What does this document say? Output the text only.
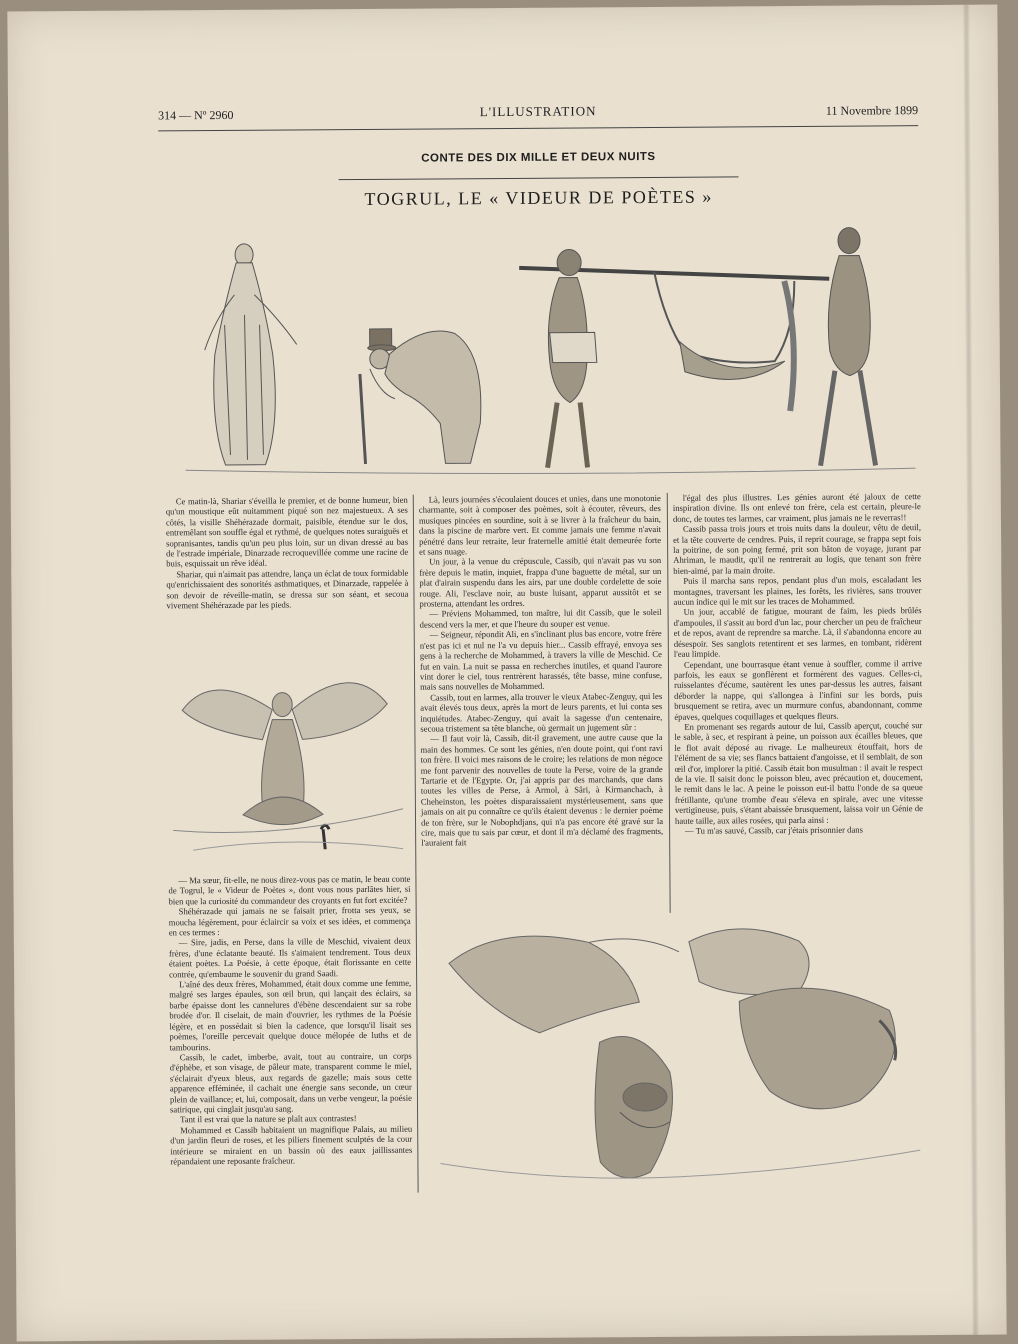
314 — Nº 2960	L'ILLUSTRATION	11 Novembre 1899
CONTE DES DIX MILLE ET DEUX NUITS
TOGRUL, LE « VIDEUR DE POÈTES »

Ce matin-là, Shariar s'éveilla le premier, et de bonne humeur, bien qu'un moustique eût nuitamment piqué son nez majestueux. A ses côtés, la visille Shéhérazade dormait, paisible, étendue sur le dos, entremêlant son souffle égal et rythmé, de quelques notes suraiguës et sopranisantes, tandis qu'un peu plus loin, sur un divan dressé au bas de l'estrade impériale, Dinarzade recroquevillée comme une racine de buis, esquissait un rêve idéal.

Shariar, qui n'aimait pas attendre, lança un éclat de toux formidable qu'enrichissaient des sonorités asthmatiques, et Dinarzade, rappelée à son devoir de réveille-matin, se dressa sur son séant, et secoua vivement Shéhérazade par les pieds.

— Ma sœur, fit-elle, ne nous direz-vous pas ce matin, le beau conte de Togrul, le « Videur de Poètes », dont vous nous parlâtes hier, si bien que la curiosité du commandeur des croyants en fut fort excitée?

Shéhérazade qui jamais ne se faisait prier, frotta ses yeux, se moucha légèrement, pour éclaircir sa voix et ses idées, et commença en ces termes :

— Sire, jadis, en Perse, dans la ville de Meschid, vivaient deux frères, d'une éclatante beauté. Ils s'aimaient tendrement. Tous deux étaient poètes. La Poésie, à cette époque, était florissante en cette contrée, qu'embaume le souvenir du grand Saadi.

L'aîné des deux frères, Mohammed, était doux comme une femme, malgré ses larges épaules, son œil brun, qui lançait des éclairs, sa barbe épaisse dont les cannelures d'ébène descendaient sur sa robe brodée d'or. Il ciselait, de main d'ouvrier, les rythmes de la Poésie légère, et en possédait si bien la cadence, que lorsqu'il lisait ses poèmes, l'oreille percevait quelque douce mélopée de luths et de tambourins.

Cassib, le cadet, imberbe, avait, tout au contraire, un corps d'éphèbe, et son visage, de pâleur mate, transparent comme le miel, s'éclairait d'yeux bleus, aux regards de gazelle; mais sous cette apparence efféminée, il cachait une énergie sans seconde, un cœur plein de vaillance; et, lui, composait, dans un verbe vengeur, la poésie satirique, qui cinglait jusqu'au sang.

Tant il est vrai que la nature se plaît aux contrastes!

Mohammed et Cassib habitaient un magnifique Palais, au milieu d'un jardin fleuri de roses, et les piliers finement sculptés de la cour intérieure se miraient en un bassin où des eaux jaillissantes répandaient une reposante fraîcheur.

Là, leurs journées s'écoulaient douces et unies, dans une monotonie charmante, soit à composer des poèmes, soit à écouter, rêveurs, des musiques pincées en sourdine, soit à se livrer à la fraîcheur du bain, dans la piscine de marbre vert. Et comme jamais une femme n'avait pénétré dans leur retraite, leur fraternelle amitié était demeurée forte et sans nuage.

Un jour, à la venue du crépuscule, Cassib, qui n'avait pas vu son frère depuis le matin, inquiet, frappa d'une baguette de métal, sur un plat d'airain suspendu dans les airs, par une double cordelette de soie rouge. Ali, l'esclave noir, au buste luisant, apparut aussitôt et se prosterna, attendant les ordres.

— Préviens Mohammed, ton maître, lui dit Cassib, que le soleil descend vers la mer, et que l'heure du souper est venue.

— Seigneur, répondit Ali, en s'inclinant plus bas encore, votre frère n'est pas ici et nul ne l'a vu depuis hier... Cassib effrayé, envoya ses gens à la recherche de Mohammed, à travers la ville de Meschid. Ce fut en vain. La nuit se passa en recherches inutiles, et quand l'aurore vint dorer le ciel, tous rentrèrent harassés, tête basse, mine confuse, mais sans nouvelles de Mohammed.

Cassib, tout en larmes, alla trouver le vieux Atabec-Zenguy, qui les avait élevés tous deux, après la mort de leurs parents, et lui conta ses inquiétudes. Atabec-Zenguy, qui avait la sagesse d'un centenaire, secoua tristement sa tête blanche, où germait un jugement sûr :

— Il faut voir là, Cassib, dit-il gravement, une autre cause que la main des hommes. Ce sont les génies, n'en doute point, qui t'ont ravi ton frère. Il voici mes raisons de le croire; les relations de mon négoce me font parvenir des nouvelles de toute la Perse, voire de la grande Tartarie et de l'Egypte. Or, j'ai appris par des marchands, que dans toutes les villes de Perse, à Armol, à Sâri, à Kirmanchach, à Cheheinston, les poètes disparaissaient mystérieusement, sans que jamais on ait pu connaître ce qu'ils étaient devenus : le dernier poème de ton frère, sur le Nobophdjans, qui n'a pas encore été gravé sur la cire, mais que tu sais par cœur, et dont il m'a déclamé des fragments, l'auraient fait

l'égal des plus illustres. Les génies auront été jaloux de cette inspiration divine. Ils ont enlevé ton frère, cela est certain, pleure-le donc, de toutes tes larmes, car vraiment, plus jamais ne le reverras!!

Cassib passa trois jours et trois nuits dans la douleur, vêtu de deuil, et la tête couverte de cendres. Puis, il reprit courage, se frappa sept fois la poitrine, de son poing fermé, prit son bâton de voyage, jurant par Ahriman, le maudit, qu'il ne rentrerait au logis, que tenant son frère bien-aimé, par la main droite.

Puis il marcha sans repos, pendant plus d'un mois, escaladant les montagnes, traversant les plaines, les forêts, les rivières, sans trouver aucun indice qui le mit sur les traces de Mohammed.

Un jour, accablé de fatigue, mourant de faim, les pieds brûlés d'ampoules, il s'assit au bord d'un lac, pour chercher un peu de fraîcheur et de repos, avant de reprendre sa marche. Là, il s'abandonna encore au désespoir. Ses sanglots retentirent et ses larmes, en tombant, ridèrent l'eau limpide.

Cependant, une bourrasque étant venue à souffler, comme il arrive parfois, les eaux se gonflèrent et formèrent des vagues. Celles-ci, ruisselantes d'écume, sautèrent les unes par-dessus les autres, faisant déborder la nappe, qui s'allongea à l'infini sur les bords, puis brusquement se retira, avec un murmure confus, abandonnant, comme épaves, quelques coquillages et quelques fleurs.

En promenant ses regards autour de lui, Cassib aperçut, couché sur le sable, à sec, et respirant à peine, un poisson aux écailles bleues, que le flot avait déposé au rivage. Le malheureux étouffait, hors de l'élément de sa vie; ses flancs battaient d'angoisse, et il semblait, de son œil d'or, implorer la pitié. Cassib était bon musulman : il avait le respect de la vie. Il saisit donc le poisson bleu, avec précaution et, doucement, le remit dans le lac. A peine le poisson eut-il battu l'onde de sa queue frétillante, qu'une trombe d'eau s'éleva en spirale, avec une vitesse vertigineuse, puis, s'étant abaissée brusquement, laissa voir un Génie de haute taille, aux ailes rosées, qui parla ainsi :

— Tu m'as sauvé, Cassib, car j'étais prisonnier dans
